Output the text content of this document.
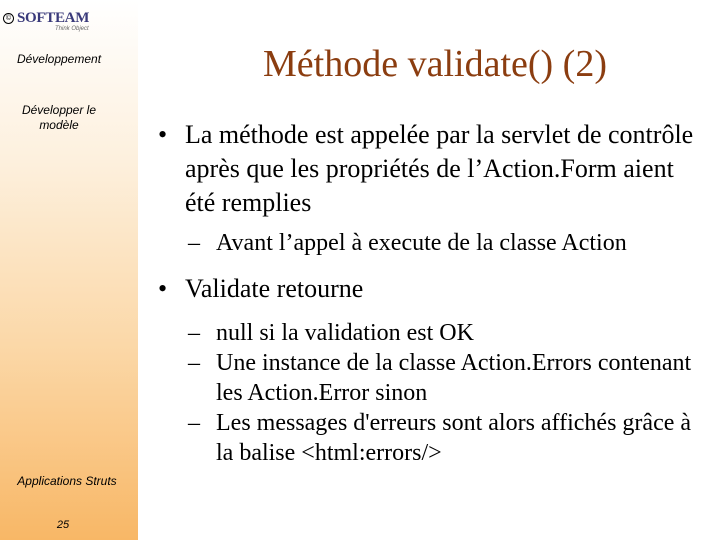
© SOFTEAM
Think Object
Développement
Développer le modèle
Applications Struts
25
Méthode validate() (2)
• La méthode est appelée par la servlet de contrôle après que les propriétés de l’Action.Form aient été remplies
– Avant l’appel à execute de la classe Action
• Validate retourne
– null si la validation est OK
– Une instance de la classe Action.Errors contenant les Action.Error sinon
– Les messages d'erreurs sont alors affichés grâce à la balise <html:errors/>
